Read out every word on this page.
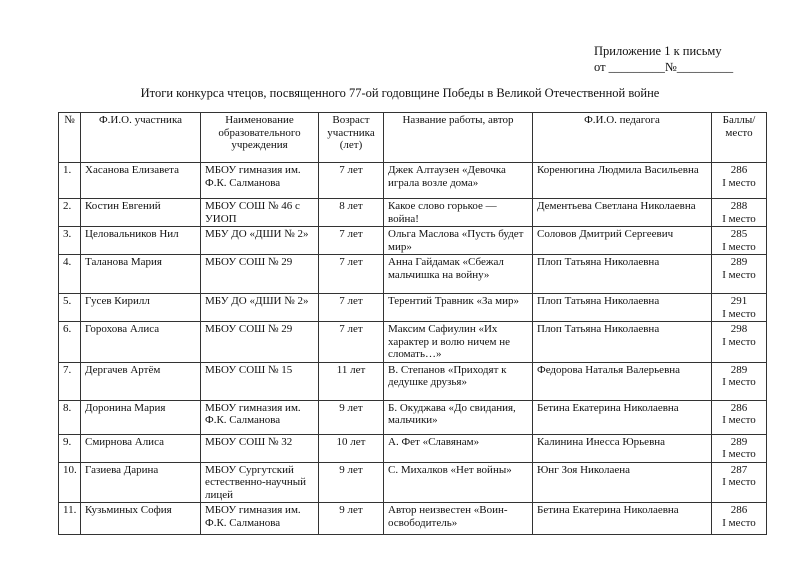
Приложение 1 к письму
от _________№_________
Итоги конкурса чтецов, посвященного 77-ой годовщине Победы в Великой Отечественной войне
№	Ф.И.О. участника	Наименование образовательного учреждения	Возраст участника (лет)	Название работы, автор	Ф.И.О. педагога	Баллы/ место
1.	Хасанова Елизавета	МБОУ гимназия им. Ф.К. Салманова	7 лет	Джек Алтаузен «Девочка играла возле дома»	Коренюгина Людмила Васильевна	286
I место

2.	Костин Евгений	МБОУ СОШ № 46 с УИОП	8 лет	Какое слово горькое — война!	Дементьева Светлана Николаевна	288
I место

3.	Целовальников Нил	МБУ ДО «ДШИ № 2»	7 лет	Ольга Маслова «Пусть будет мир»	Соловов Дмитрий Сергеевич	285
I место

4.	Таланова Мария	МБОУ СОШ № 29	7 лет	Анна Гайдамак «Сбежал мальчишка на войну»	Плоп Татьяна Николаевна	289
I место

5.	Гусев Кирилл	МБУ ДО «ДШИ № 2»	7 лет	Терентий Травник «За мир»	Плоп Татьяна Николаевна	291
I место

6.	Горохова Алиса	МБОУ СОШ № 29	7 лет	Максим Сафиулин «Их характер и волю ничем не сломать…»	Плоп Татьяна Николаевна	298
I место

7.	Дергачев Артём	МБОУ СОШ № 15	11 лет	В. Степанов «Приходят к дедушке друзья»	Федорова Наталья Валерьевна	289
I место

8.	Доронина Мария	МБОУ гимназия им. Ф.К. Салманова	9 лет	Б. Окуджава «До свидания, мальчики»	Бетина Екатерина Николаевна	286
I место

9.	Смирнова Алиса	МБОУ СОШ № 32	10 лет	А. Фет «Славянам»	Калинина Инесса Юрьевна	289
I место

10.	Газиева Дарина	МБОУ Сургутский естественно-научный лицей	9 лет	С. Михалков «Нет войны»	Юнг Зоя Николаена	287
I место

11.	Кузьминых София	МБОУ гимназия им. Ф.К. Салманова	9 лет	Автор неизвестен «Воин-освободитель»	Бетина Екатерина Николаевна	286
I место
